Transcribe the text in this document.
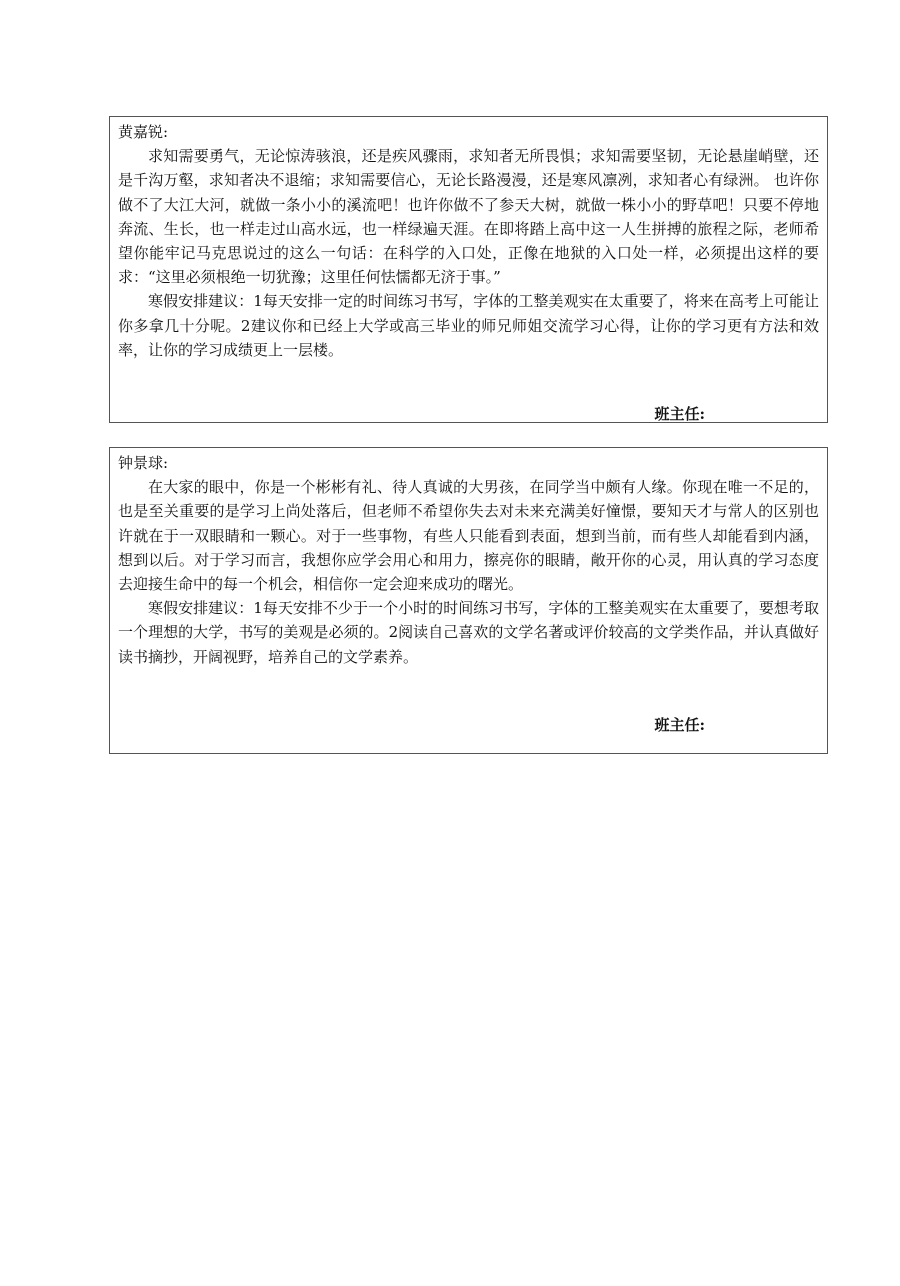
黄嘉锐:

求知需要勇气，无论惊涛骇浪，还是疾风骤雨，求知者无所畏惧；求知需要坚韧，无论悬崖峭壁，还是千沟万壑，求知者决不退缩；求知需要信心，无论长路漫漫，还是寒风凛冽，求知者心有绿洲。 也许你做不了大江大河，就做一条小小的溪流吧！也许你做不了参天大树，就做一株小小的野草吧！只要不停地奔流、生长，也一样走过山高水远，也一样绿遍天涯。在即将踏上高中这一人生拼搏的旅程之际，老师希望你能牢记马克思说过的这么一句话：在科学的入口处，正像在地狱的入口处一样，必须提出这样的要求：“这里必须根绝一切犹豫；这里任何怯懦都无济于事。”

寒假安排建议：1每天安排一定的时间练习书写，字体的工整美观实在太重要了，将来在高考上可能让你多拿几十分呢。2建议你和已经上大学或高三毕业的师兄师姐交流学习心得，让你的学习更有方法和效率，让你的学习成绩更上一层楼。

班主任:

钟景球:

在大家的眼中，你是一个彬彬有礼、待人真诚的大男孩，在同学当中颇有人缘。你现在唯一不足的，也是至关重要的是学习上尚处落后，但老师不希望你失去对未来充满美好憧憬，要知天才与常人的区别也许就在于一双眼睛和一颗心。对于一些事物，有些人只能看到表面，想到当前，而有些人却能看到内涵，想到以后。对于学习而言，我想你应学会用心和用力，擦亮你的眼睛，敞开你的心灵，用认真的学习态度去迎接生命中的每一个机会，相信你一定会迎来成功的曙光。

寒假安排建议：1每天安排不少于一个小时的时间练习书写，字体的工整美观实在太重要了，要想考取一个理想的大学，书写的美观是必须的。2阅读自己喜欢的文学名著或评价较高的文学类作品，并认真做好读书摘抄，开阔视野，培养自己的文学素养。

班主任:
